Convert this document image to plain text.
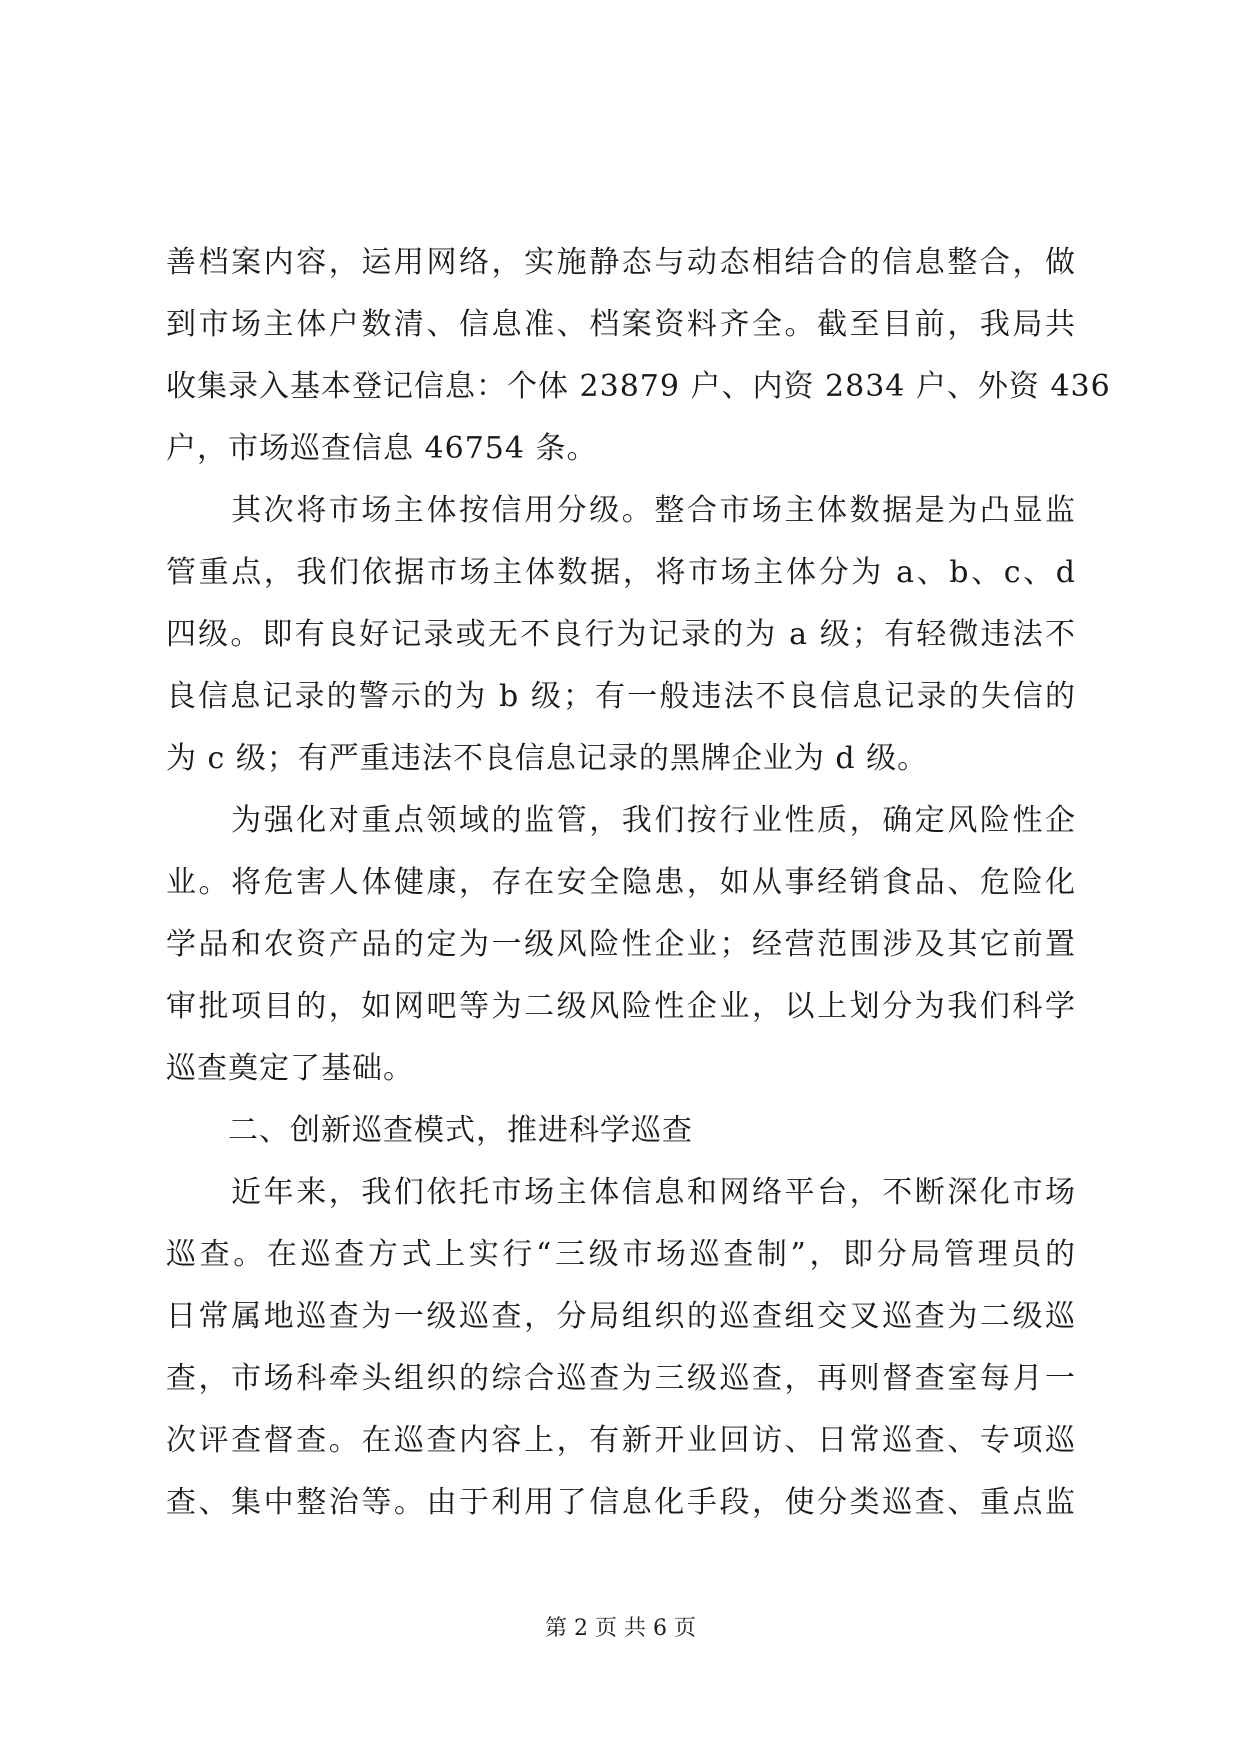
善档案内容，运用网络，实施静态与动态相结合的信息整合，做
到市场主体户数清、信息准、档案资料齐全。截至目前，我局共
收集录入基本登记信息：个体 23879 户、内资 2834 户、外资 436
户，市场巡查信息 46754 条。
　　其次将市场主体按信用分级。整合市场主体数据是为凸显监
管重点，我们依据市场主体数据，将市场主体分为 a、b、c、d
四级。即有良好记录或无不良行为记录的为 a 级；有轻微违法不
良信息记录的警示的为 b 级；有一般违法不良信息记录的失信的
为 c 级；有严重违法不良信息记录的黑牌企业为 d 级。
　　为强化对重点领域的监管，我们按行业性质，确定风险性企
业。将危害人体健康，存在安全隐患，如从事经销食品、危险化
学品和农资产品的定为一级风险性企业；经营范围涉及其它前置
审批项目的，如网吧等为二级风险性企业，以上划分为我们科学
巡查奠定了基础。
　　二、创新巡查模式，推进科学巡查
　　近年来，我们依托市场主体信息和网络平台，不断深化市场
巡查。在巡查方式上实行“三级市场巡查制”，即分局管理员的
日常属地巡查为一级巡查，分局组织的巡查组交叉巡查为二级巡
查，市场科牵头组织的综合巡查为三级巡查，再则督查室每月一
次评查督查。在巡查内容上，有新开业回访、日常巡查、专项巡
查、集中整治等。由于利用了信息化手段，使分类巡查、重点监
第 2 页 共 6 页
